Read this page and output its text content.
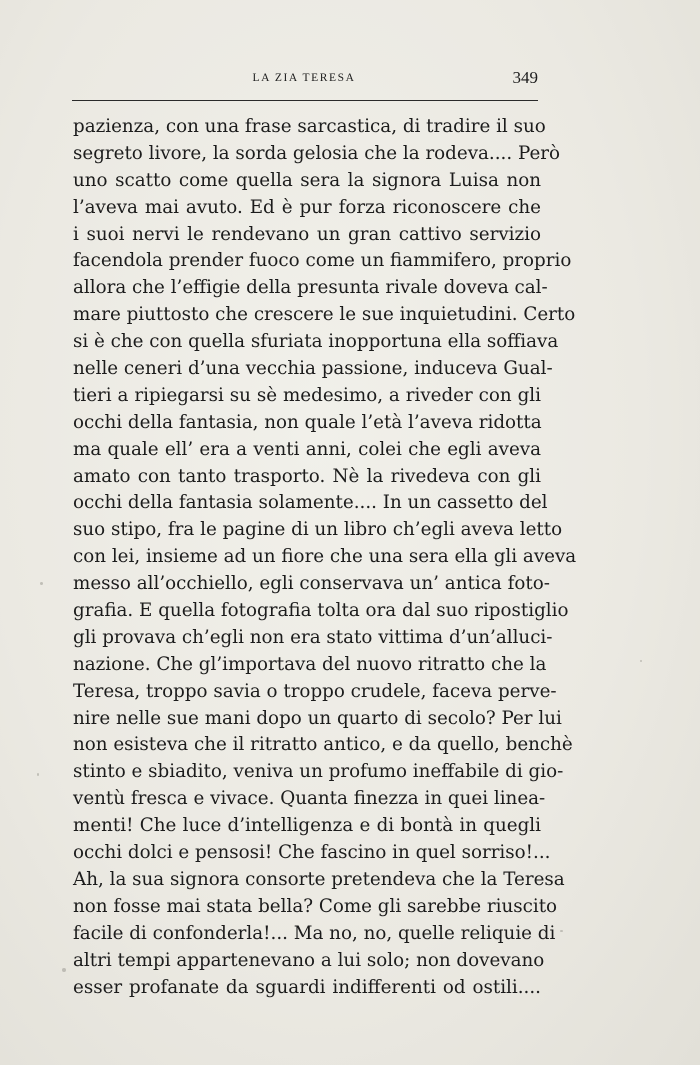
LA ZIA TERESA	349
pazienza, con una frase sarcastica, di tradire il suo
segreto livore, la sorda gelosia che la rodeva.... Però
uno scatto come quella sera la signora Luisa non
l’aveva mai avuto. Ed è pur forza riconoscere che
i suoi nervi le rendevano un gran cattivo servizio
facendola prender fuoco come un fiammifero, proprio
allora che l’effigie della presunta rivale doveva cal-
mare piuttosto che crescere le sue inquietudini. Certo
si è che con quella sfuriata inopportuna ella soffiava
nelle ceneri d’una vecchia passione, induceva Gual-
tieri a ripiegarsi su sè medesimo, a riveder con gli
occhi della fantasia, non quale l’età l’aveva ridotta
ma quale ell’ era a venti anni, colei che egli aveva
amato con tanto trasporto. Nè la rivedeva con gli
occhi della fantasia solamente.... In un cassetto del
suo stipo, fra le pagine di un libro ch’egli aveva letto
con lei, insieme ad un fiore che una sera ella gli aveva
messo all’occhiello, egli conservava un’ antica foto-
grafia. E quella fotografia tolta ora dal suo ripostiglio
gli provava ch’egli non era stato vittima d’un’alluci-
nazione. Che gl’importava del nuovo ritratto che la
Teresa, troppo savia o troppo crudele, faceva perve-
nire nelle sue mani dopo un quarto di secolo? Per lui
non esisteva che il ritratto antico, e da quello, benchè
stinto e sbiadito, veniva un profumo ineffabile di gio-
ventù fresca e vivace. Quanta finezza in quei linea-
menti! Che luce d’intelligenza e di bontà in quegli
occhi dolci e pensosi! Che fascino in quel sorriso!...
Ah, la sua signora consorte pretendeva che la Teresa
non fosse mai stata bella? Come gli sarebbe riuscito
facile di confonderla!... Ma no, no, quelle reliquie di
altri tempi appartenevano a lui solo; non dovevano
esser profanate da sguardi indifferenti od ostili....
